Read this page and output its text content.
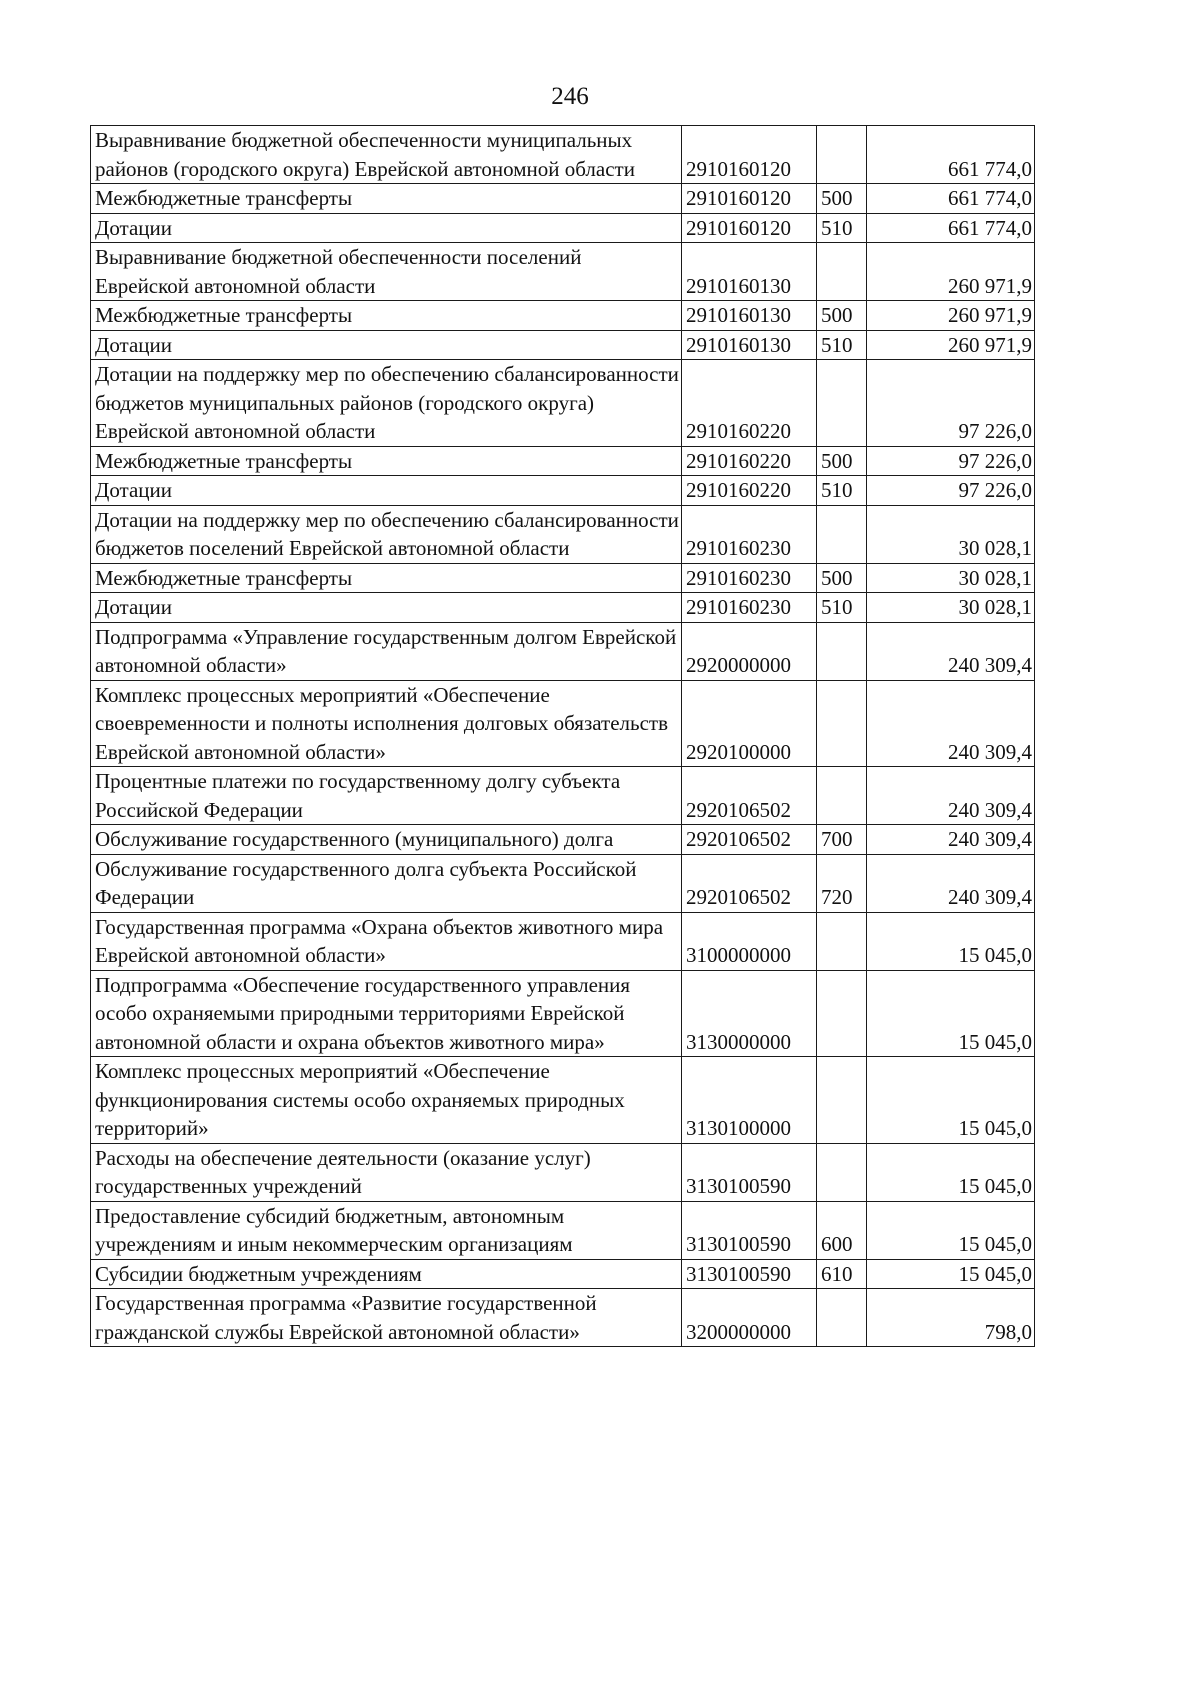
246
Выравнивание бюджетной обеспеченности муниципальных районов (городского округа) Еврейской автономной области	2910160120		661 774,0
Межбюджетные трансферты	2910160120	500	661 774,0
Дотации	2910160120	510	661 774,0
Выравнивание бюджетной обеспеченности поселений Еврейской автономной области	2910160130		260 971,9
Межбюджетные трансферты	2910160130	500	260 971,9
Дотации	2910160130	510	260 971,9
Дотации на поддержку мер по обеспечению сбалансированности бюджетов муниципальных районов (городского округа) Еврейской автономной области	2910160220		97 226,0
Межбюджетные трансферты	2910160220	500	97 226,0
Дотации	2910160220	510	97 226,0
Дотации на поддержку мер по обеспечению сбалансированности бюджетов поселений Еврейской автономной области	2910160230		30 028,1
Межбюджетные трансферты	2910160230	500	30 028,1
Дотации	2910160230	510	30 028,1
Подпрограмма «Управление государственным долгом Еврейской автономной области»	2920000000		240 309,4
Комплекс процессных мероприятий «Обеспечение своевременности и полноты исполнения долговых обязательств Еврейской автономной области»	2920100000		240 309,4
Процентные платежи по государственному долгу субъекта Российской Федерации	2920106502		240 309,4
Обслуживание государственного (муниципального) долга	2920106502	700	240 309,4
Обслуживание государственного долга субъекта Российской Федерации	2920106502	720	240 309,4
Государственная программа «Охрана объектов животного мира Еврейской автономной области»	3100000000		15 045,0
Подпрограмма «Обеспечение государственного управления особо охраняемыми природными территориями Еврейской автономной области и охрана объектов животного мира»	3130000000		15 045,0
Комплекс процессных мероприятий «Обеспечение функционирования системы особо охраняемых природных территорий»	3130100000		15 045,0
Расходы на обеспечение деятельности (оказание услуг) государственных учреждений	3130100590		15 045,0
Предоставление субсидий бюджетным, автономным учреждениям и иным некоммерческим организациям	3130100590	600	15 045,0
Субсидии бюджетным учреждениям	3130100590	610	15 045,0
Государственная программа «Развитие государственной гражданской службы Еврейской автономной области»	3200000000		798,0
